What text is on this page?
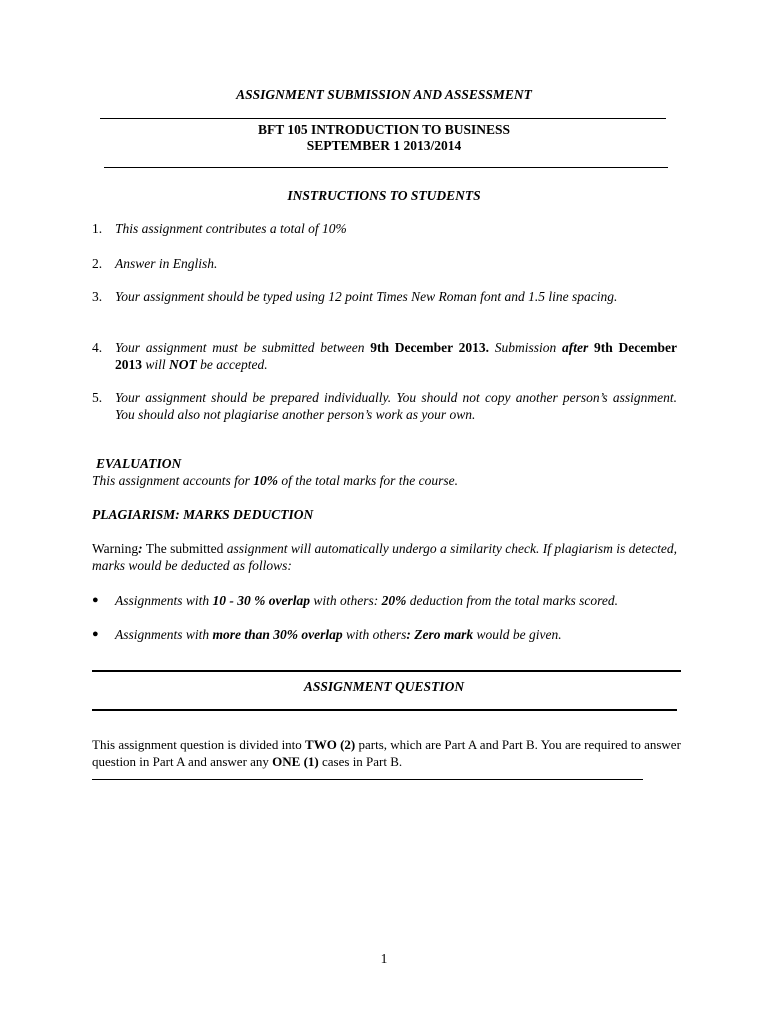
ASSIGNMENT SUBMISSION AND ASSESSMENT
BFT 105 INTRODUCTION TO BUSINESS
SEPTEMBER 1 2013/2014
INSTRUCTIONS TO STUDENTS
1. This assignment contributes a total of 10%
2. Answer in English.
3. Your assignment should be typed using 12 point Times New Roman font and 1.5 line spacing.
4. Your assignment must be submitted between 9th December 2013. Submission after 9th December 2013 will NOT be accepted.
5. Your assignment should be prepared individually. You should not copy another person’s assignment. You should also not plagiarise another person’s work as your own.
EVALUATION
This assignment accounts for 10% of the total marks for the course.
PLAGIARISM: MARKS DEDUCTION
Warning: The submitted assignment will automatically undergo a similarity check. If plagiarism is detected, marks would be deducted as follows:
●	Assignments with 10 - 30 % overlap with others: 20% deduction from the total marks scored.
●	Assignments with more than 30% overlap with others: Zero mark would be given.
ASSIGNMENT QUESTION
This assignment question is divided into TWO (2) parts, which are Part A and Part B. You are required to answer question in Part A and answer any ONE (1) cases in Part B.
1
